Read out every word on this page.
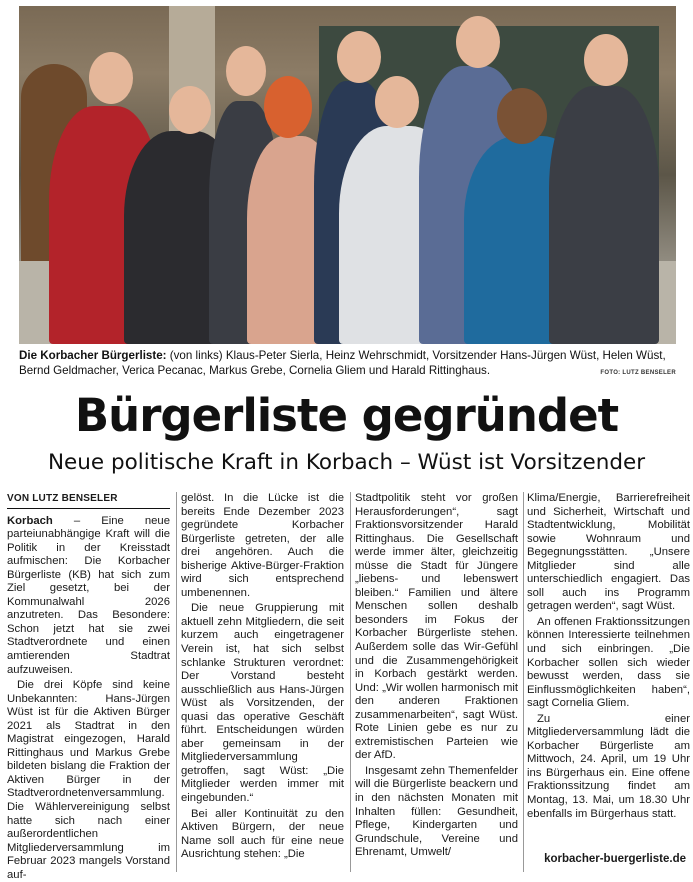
Die Korbacher Bürgerliste: (von links) Klaus-Peter Sierla, Heinz Wehrschmidt, Vorsitzender Hans-Jürgen Wüst, Helen Wüst, Bernd Geldmacher, Verica Pecanac, Markus Grebe, Cornelia Gliem und Harald Rittinghaus.	FOTO: LUTZ BENSELER
Bürgerliste gegründet
Neue politische Kraft in Korbach – Wüst ist Vorsitzender
VON LUTZ BENSELER

Korbach – Eine neue parteiunabhängige Kraft will die Politik in der Kreisstadt aufmischen: Die Korbacher Bürgerliste (KB) hat sich zum Ziel gesetzt, bei der Kommunalwahl 2026 anzutreten. Das Besondere: Schon jetzt hat sie zwei Stadtverordnete und einen amtierenden Stadtrat aufzuweisen.

Die drei Köpfe sind keine Unbekannten: Hans-Jürgen Wüst ist für die Aktiven Bürger 2021 als Stadtrat in den Magistrat eingezogen, Harald Rittinghaus und Markus Grebe bildeten bislang die Fraktion der Aktiven Bürger in der Stadtverordnetenversammlung. Die Wählervereinigung selbst hatte sich nach einer außerordentlichen Mitgliederversammlung im Februar 2023 mangels Vorstand auf-

gelöst. In die Lücke ist die bereits Ende Dezember 2023 gegründete Korbacher Bürgerliste getreten, der alle drei angehören. Auch die bisherige Aktive-Bürger-Fraktion wird sich entsprechend umbenennen.

Die neue Gruppierung mit aktuell zehn Mitgliedern, die seit kurzem auch eingetragener Verein ist, hat sich selbst schlanke Strukturen verordnet: Der Vorstand besteht ausschließlich aus Hans-Jürgen Wüst als Vorsitzenden, der quasi das operative Geschäft führt. Entscheidungen würden aber gemeinsam in der Mitgliederversammlung getroffen, sagt Wüst: „Die Mitglieder werden immer mit eingebunden.“

Bei aller Kontinuität zu den Aktiven Bürgern, der neue Name soll auch für eine neue Ausrichtung stehen: „Die

Stadtpolitik steht vor großen Herausforderungen“, sagt Fraktionsvorsitzender Harald Rittinghaus. Die Gesellschaft werde immer älter, gleichzeitig müsse die Stadt für Jüngere „liebens- und lebenswert bleiben.“ Familien und ältere Menschen sollen deshalb besonders im Fokus der Korbacher Bürgerliste stehen. Außerdem solle das Wir-Gefühl und die Zusammengehörigkeit in Korbach gestärkt werden. Und: „Wir wollen harmonisch mit den anderen Fraktionen zusammenarbeiten“, sagt Wüst. Rote Linien gebe es nur zu extremistischen Parteien wie der AfD.

Insgesamt zehn Themenfelder will die Bürgerliste beackern und in den nächsten Monaten mit Inhalten füllen: Gesundheit, Pflege, Kindergarten und Grundschule, Vereine und Ehrenamt, Umwelt/

Klima/Energie, Barrierefreiheit und Sicherheit, Wirtschaft und Stadtentwicklung, Mobilität sowie Wohnraum und Begegnungsstätten. „Unsere Mitglieder sind alle unterschiedlich engagiert. Das soll auch ins Programm getragen werden“, sagt Wüst.

An offenen Fraktionssitzungen können Interessierte teilnehmen und sich einbringen. „Die Korbacher sollen sich wieder bewusst werden, dass sie Einflussmöglichkeiten haben“, sagt Cornelia Gliem.

Zu einer Mitgliederversammlung lädt die Korbacher Bürgerliste am Mittwoch, 24. April, um 19 Uhr ins Bürgerhaus ein. Eine offene Fraktionssitzung findet am Montag, 13. Mai, um 18.30 Uhr ebenfalls im Bürgerhaus statt.

korbacher-buergerliste.de
